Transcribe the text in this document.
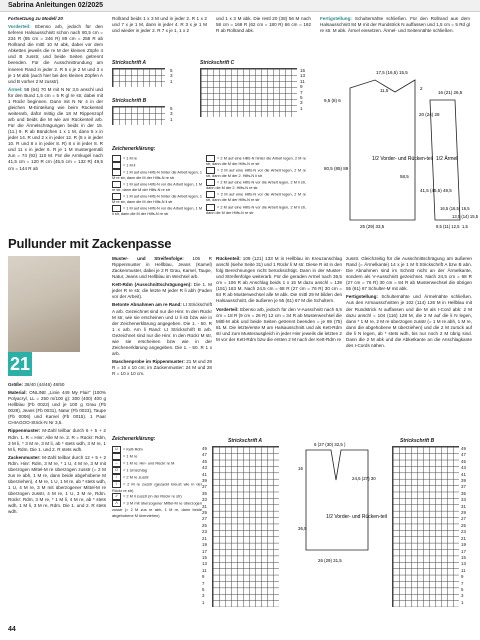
Sabrina Anleitungen 02/2025

Fortsetzung zu Modell 20

Vorderteil: Ebenso arb, jedoch für den tieferen Halsausschnitt schon nach 80,5 cm = 234 R (85 cm = 246 R) 89 cm = 258 R ab Rollrand die mittl 10 M abk, dabei vor dem Abketten jeweils die re M der kleinen Zöpfe 4 und B zusstr, und beide Seiten getrennt beenden. Für die Ausschnittrundung am inneren Rand in jeder 2. R 5 x je 2 M und 3 x je 1 M abk (auch hier bei den kleinen Zöpfen A und B vorher 2 M zusstr).

Ärmel: 58 (64) 70 M mit N Nr 3,5 anschl und für den Bund 1,5 cm = 5 R gl re str, dabei mit 1 Rückr beginnen. Dann mit N Nr 4 in der gleichen M-Einteilung wie beim Rückenteil weiterarb, dafür mittig die 18 M Rippenzopf arb und beids die M wie am Rückenteil arb. Für die Ärmelschrägungen beids in der 15. (11.) 9. R ab Bündchen 1 x 1 M, dann 5 x in jeder 14. R und 2 x in jeder 12. R (5 x in jeder 10. R und 8 x in jeder 8. R) 8 x in jeder 8. R und 11 x in jeder 6. R je 1 M mustergemäß zun = 74 (92) 110 M. Für die Armkugel nach 41,5 cm = 120 R cm (45,5 cm = 132 R) 49,5 cm = 144 R ab

Rollrand beids 1 x 3 M und in jeder 2. R 1 x 2 und 7 x je 1 M, dann in jeder 4. R 3 x je 1 M und wieder in jeder 2. R 7 x je 1, 1 x 2

und 1 x 3 M abk. Die restl 20 (38) 56 M nach 58 cm = 168 R (62 cm = 180 R) 66 cm = 192 R ab Rollrand abk.

Strickschrift A
5
3
1
Strickschrift B
5
3
1
Strickschrift C
15
13
11
9
7
5
3
1
Zeichenerklärung:
= 1 M re
= 1 M li
= 1 M auf eine Hilfs-N hinter die Arbeit legen, 1 M re str, dann die M der Hilfs-N re str
= 1 M auf eine Hilfs-N vor die Arbeit legen, 1 M re str, dann die M der Hilfs-N re str
= 1 M auf eine Hilfs-N hinter die Arbeit legen, 1 M re str, dann die M der Hilfs-N li str
= 1 M auf eine Hilfs-N vor die Arbeit legen, 1 M li str, dann die M der Hilfs-N re str
= 2 M auf eine Hilfs-N hinter die Arbeit legen, 2 M re str, dann die M der Hilfs-N re str
= 2 M auf eine Hilfs-N vor die Arbeit legen, 2 M re str, dann die M der 2. Hilfs-N li str
= 2 M auf eine Hilfs-N vor die Arbeit legen, 2 M li str, dann die M der 2. Hilfs-N re str
= 2 M auf eine Hilfs-N vor die Arbeit legen, 2 M re str, dann die M der Hilfs-N re str
= 2 M auf eine Hilfs-N vor die Arbeit legen, 2 M li str, dann die M der Hilfs-N re str

Fertigstellung: Schulternähte schließen. Für den Rollrand aus dem Halsausschnitt 84 M mit der Rundstrick N auffassen und 1,5 cm = 5 Rd gl re str. M abk. Ärmel einsetzen. Ärmel- und Seitennähte schließen.

17,5 (16,5) 15,5
11,5
9,5 (8) 6
2
20 (24) 28
1/2 Vorder- und Rücken-teil
80,5 (85) 89
58,5
25 (29) 33,5
16 (21) 26,5
1/2 Ärmel
41,5 (45,5) 49,5
16,5 (16,5) 16,5
13,5 (14) 15,5
9,5 (11) 12,5 1,5
Pullunder mit Zackenpasse
21

Größe: 38/40 (44/46) 48/50

Material: ONLINE „Linie 449 My Flair“ (100% Polyacryl, LL = 250 m/100 g): 300 (400) 400 g Hellblau (Fb 0022) und je 100 g Grau (Fb 0028), Jeans (Fb 0031), Natur (Fb 0023), Taupe (Fb 0006) und Kamel (Fb 0015). 1 Paar CHIAGOO-Strick-N Nr 3,5.

Rippenmuster: M-Zahl teilbar durch 6 + 5 + 2 Rdm. 1. R = Hinr: Alle M re. 2. R = Rückr: Rdm, 3 M li, * 3 M re, 3 M li, ab * stets wdh, 3 M re, 1 M li, Rdm. Die 1. und 2. R stets wdh.

Zackenmuster: M-Zahl teilbar durch 12 + 5 + 2 Rdm. Hinr: Rdm, 3 M re, * 1 U, 4 M re, 3 M mit überzogen Mittel-M re überzogen zusstr (= 2 M zus re abh, 1 M re, dann beide abgehobene M überziehen), 4 M re, 1 U, 1 M re, ab * stets wdh, 1 U, 4 M re, 3 M mit überzogener Mittel-M re überzogen zusstr, 4 M re, 1 U, 3 M re, Rdm. Rückr: Rdm, 3 M re, * 1 M li, 4 M re, ab * stets wdh, 1 M li, 3 M re, Rdm. Die 1. und 2. R stets wdh.

Muster- und Streifenfolge: 106 R Rippenmuster in Hellblau, Jeans (Kamel) Zackenmuster, dabei je 2 R Grau, Kamel, Taupe, Natur, Jeans und Hellblau im Wechsel arb.

Kett-Rdm (Ausschnittschrägungen): Die 1. M jeder R re str, die letzte M jeder R li abh (Faden vor der Arbeit).

Betonte Abnahmen am re Rand: Lt Strickschrift A arb. Gezeichnet sind nur die Hinr. In den Rückr M str, wie sie erscheinen und U li str bzw wie in der Zeichenerklärung angegeben. Die 1. - 50. R 1 x arb. Am li Rand: Lt Strickschrift B arb. Gezeichnet sind nur die Hinr. In den Rückr M str, wie sie erscheinen bzw wie in der Zeichenerklärung angegeben. Die 1. - 50. R 1 x arb.

Maschenprobe im Rippenmuster: 21 M und 29 R = 10 x 10 cm; im Zackenmuster: 24 M und 28 R = 10 x 10 cm.

Rückenteil: 109 (121) 133 M in Hellblau im Kreuzanschlag anschl (siehe Seite 31) und 1 Rückr li M str. Diese R ist in den folg Berechnungen nicht berücksichtigt. Dann in der Muster- und Streifenfolge weiterarb. Für die geraden Armel nach 36,5 cm = 106 R ab Anschlag beids 1 x 15 M dazu anschl = 139 (151) 163 M. Nach 24,5 cm = 68 R (27 cm = 76 R) 30 cm = 84 R ab Musterwechsel alle M abk. Die mittl 29 M bilden den Halsausschnitt, die äußeren je 55 (61) 67 M die Schultern.

Vorderteil: Ebenso arb, jedoch für den V-Ausschnitt nach 6,5 cm = 18 R (9 cm = 26 R) 12 cm = 34 R ab Musterwechsel die Mittl-M abk und beide Seiten getrennt beenden = je 69 (75) 81 M. Die letzte/erste M am Halsausschnitt und als Kett-Rdm str und zum Musterausgleich in jeder Hinr jeweils die letzten 2 M vor der Kett-Rdm bzw die ersten 2 M nach der Kett-Rdm re

zusstr. Gleichzeitig für die Ausschnittschrägung am äußeren Rand (= Ärmelkante) 14 x je 1 M lt Strickschrift A bzw B abn. Die Abnahmen sind im Schnitt nicht an der Ärmelkante, sondern als V-Ausschnitt gezeichnet. Nach 24,5 cm = 68 R (27 cm = 76 R) 30 cm = 84 R ab Musterwechsel die übrigen 55 (61) 67 Schulter-M mit abk.

Fertigstellung: Schulternähte und Ärmelnähte schließen. Aus den Armausschnitten je 102 (114) 126 M in Hellblau mit der Rundstrick N auffassen und die M als I-Cord abk: 2 M dazu anschl = 104 (116) 128 M, die 2 M auf die li N legen, dann * 1 M re, 2 M re überzogen zusstr (= 1 M re abh, 1 M re, dann die abgehobene M überziehen) und die 2 M zurück auf die li N legen, ab * stets wdh, bis nur noch 2 M übrig sind. Dann die 2 M abk und die Abketkante an die Anschlagkante des I-Cords nähen.

Zeichenerklärung:
U = Kett-Rdm
= 1 M re
– = 1 M re: Hin- und Rückr re M
O = 1 Umschlag
/ = 2 M re zusstr
\ = 2 M re zusstr (gezackt kreuzt wie in der Rückr re str)
// = 2 M li zusstr (in der Rückr re str)
Λ = 3 M mit überzogener Mittel-M re überzogen zusstr (= 2 M zus re abh, 1 M re, dann beide abgehobene M überziehen)
Strickschrift A
49
47
45
43
41
39
37
35
33
31
29
27
25
23
21
19
17
15
13
11
9
7
5
3
1
6 (27 (30) 32,5 )
24,5 (27) 30
16
1/2 Vorder- und Rücken-teil
36,5
26 (29) 31,5
Strickschrift B
49
47
45
43
41
39
37
35
33
31
29
27
25
23
21
19
17
15
13
11
9
7
5
3
1
44
